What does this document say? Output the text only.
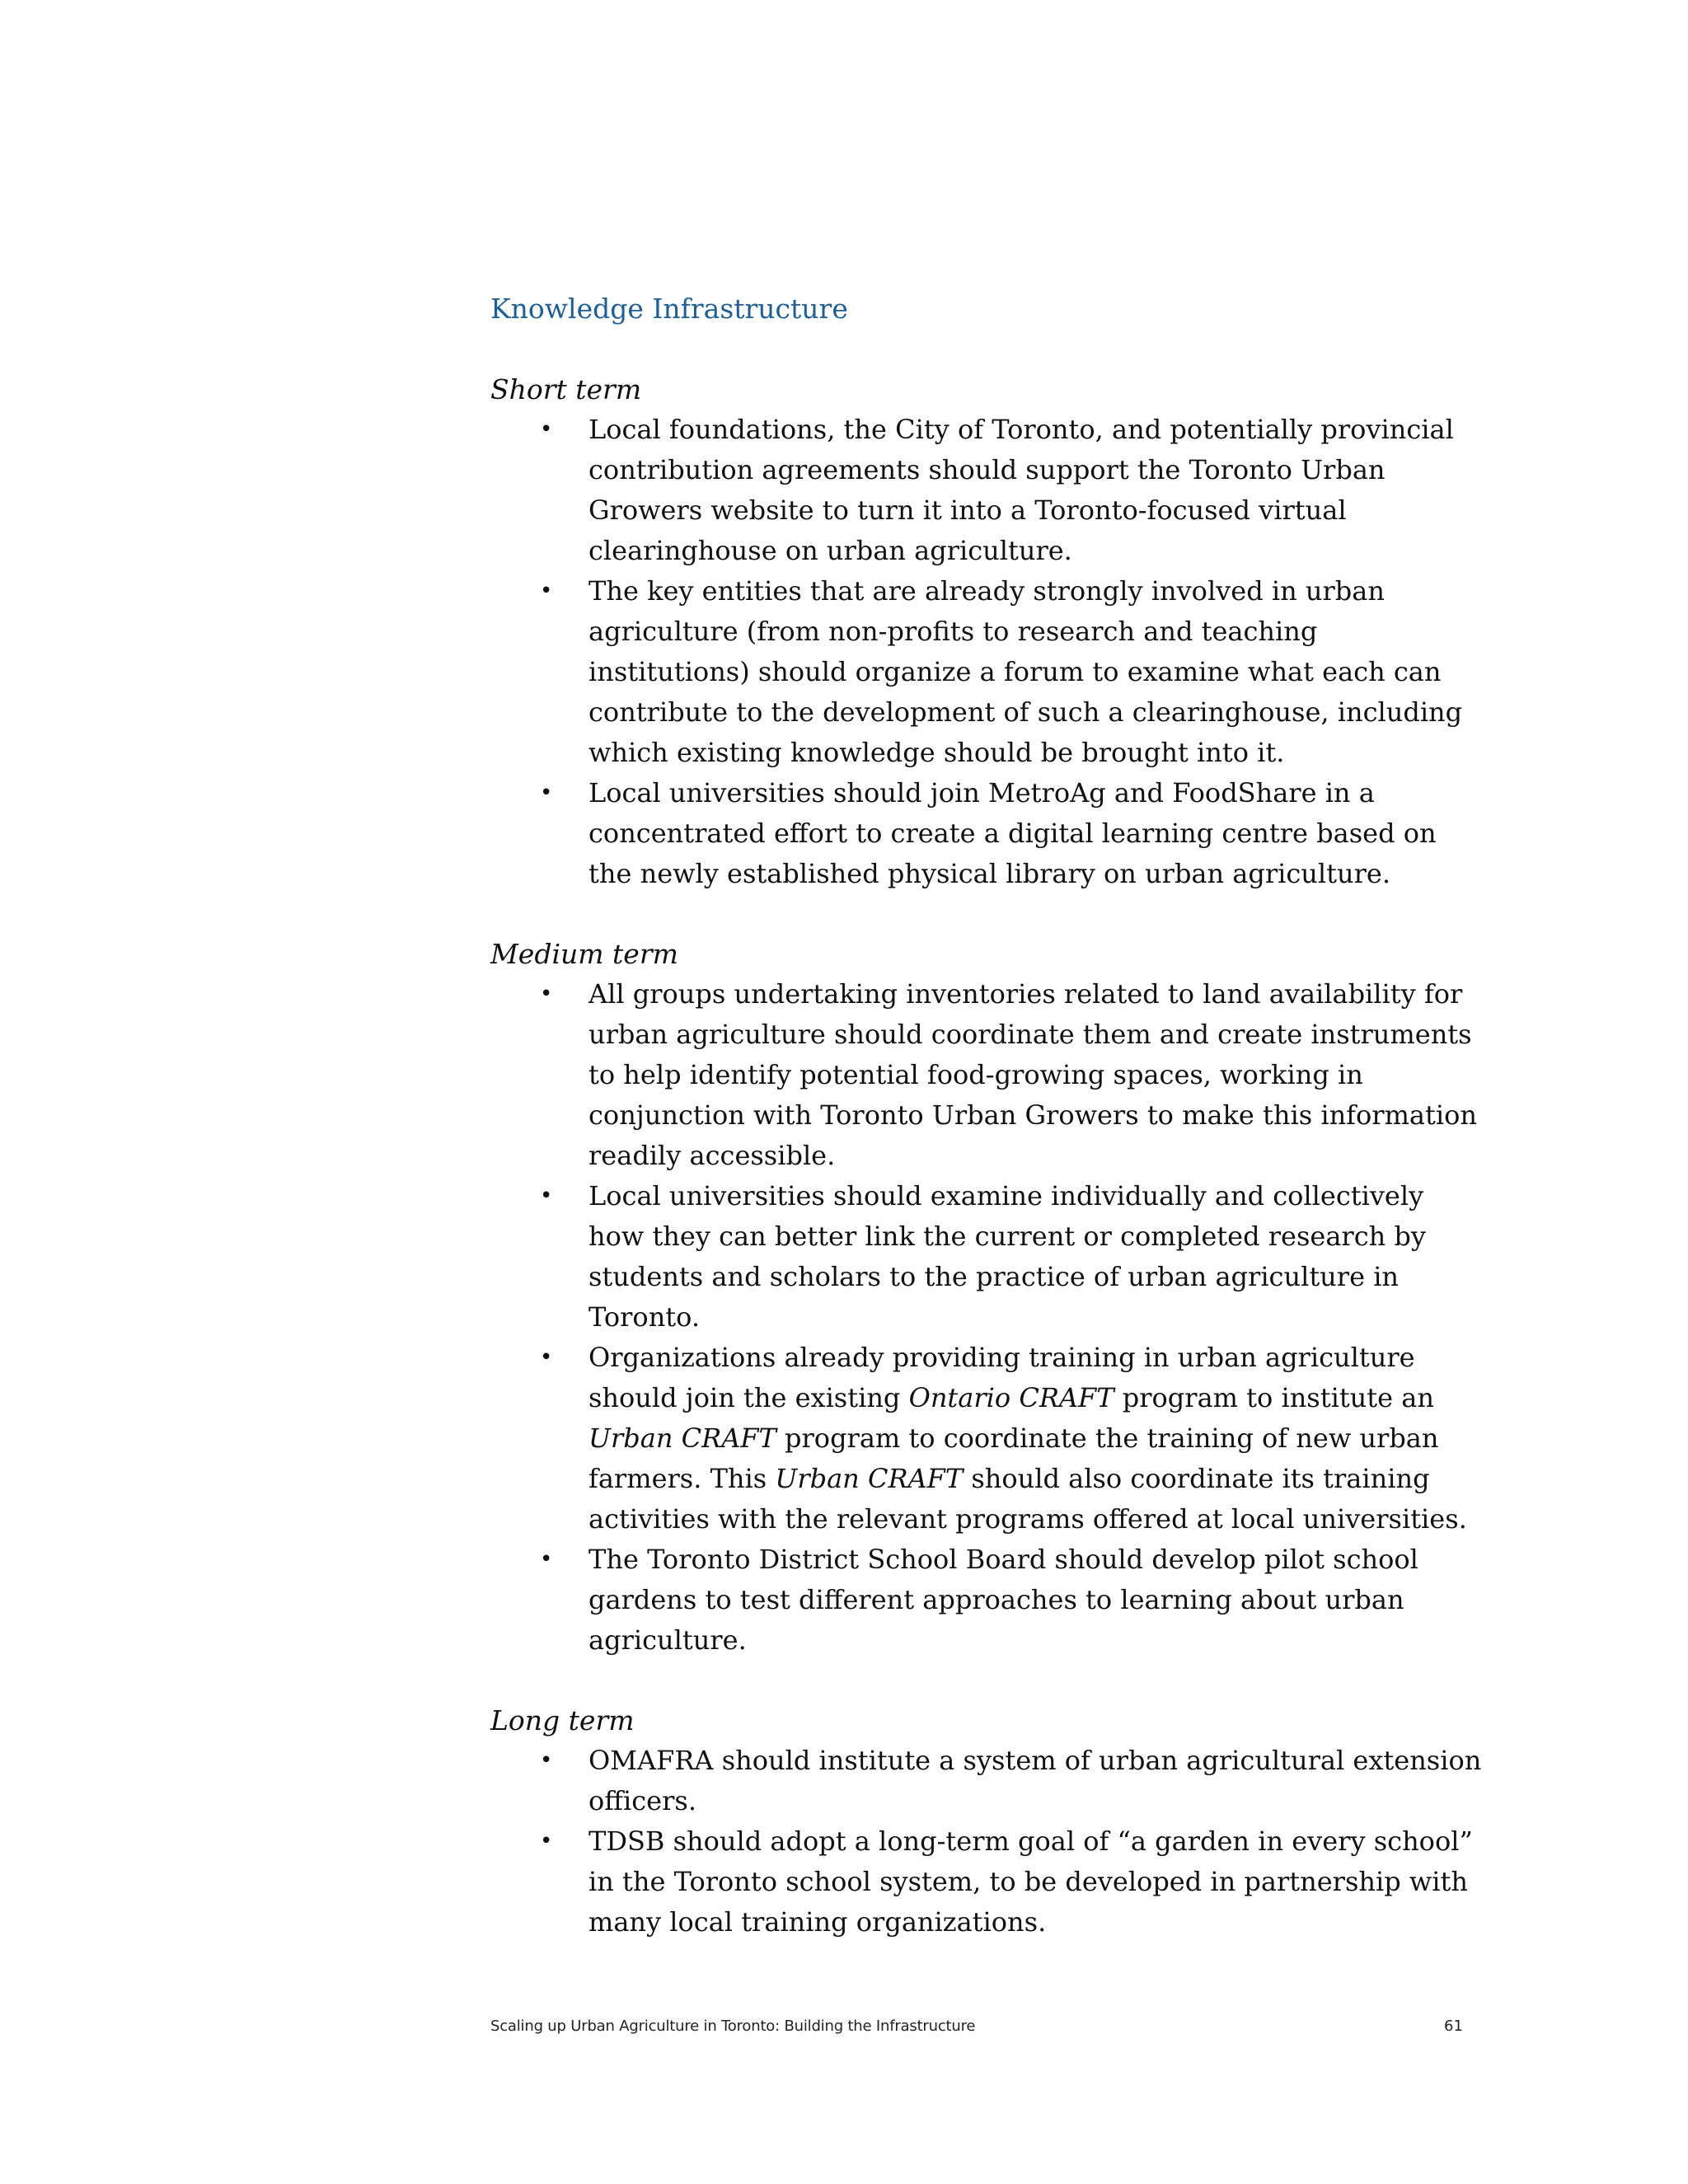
Knowledge Infrastructure

Short term

• Local foundations, the City of Toronto, and potentially provincial contribution agreements should support the Toronto Urban Growers website to turn it into a Toronto-focused virtual clearinghouse on urban agriculture.
• The key entities that are already strongly involved in urban agriculture (from non-profits to research and teaching institutions) should organize a forum to examine what each can contribute to the development of such a clearinghouse, including which existing knowledge should be brought into it.
• Local universities should join MetroAg and FoodShare in a concentrated effort to create a digital learning centre based on the newly established physical library on urban agriculture.

Medium term

• All groups undertaking inventories related to land availability for urban agriculture should coordinate them and create instruments to help identify potential food-growing spaces, working in conjunction with Toronto Urban Growers to make this information readily accessible.
• Local universities should examine individually and collectively how they can better link the current or completed research by students and scholars to the practice of urban agriculture in Toronto.
• Organizations already providing training in urban agriculture should join the existing Ontario CRAFT program to institute an Urban CRAFT program to coordinate the training of new urban farmers. This Urban CRAFT should also coordinate its training activities with the relevant programs offered at local universities.
• The Toronto District School Board should develop pilot school gardens to test different approaches to learning about urban agriculture.

Long term

• OMAFRA should institute a system of urban agricultural extension officers.
• TDSB should adopt a long-term goal of “a garden in every school” in the Toronto school system, to be developed in partnership with many local training organizations.
Scaling up Urban Agriculture in Toronto: Building the Infrastructure	61
